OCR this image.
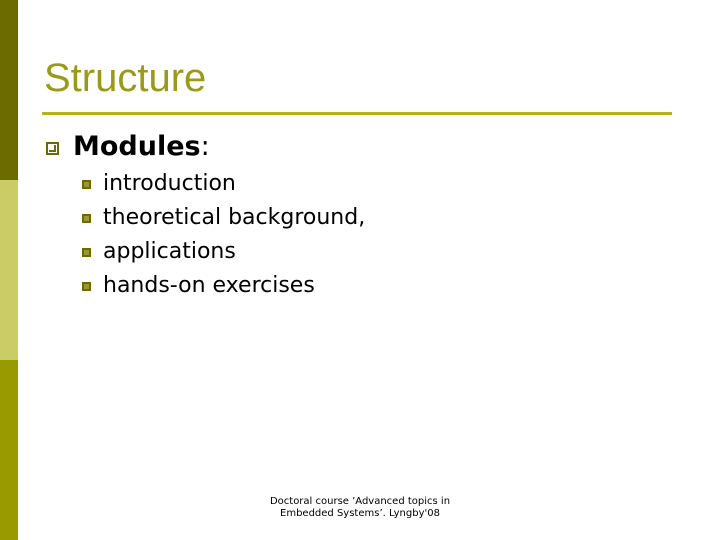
Structure
Modules:
introduction
theoretical background,
applications
hands-on exercises
Doctoral course ’Advanced topics in
Embedded Systems’. Lyngby'08
